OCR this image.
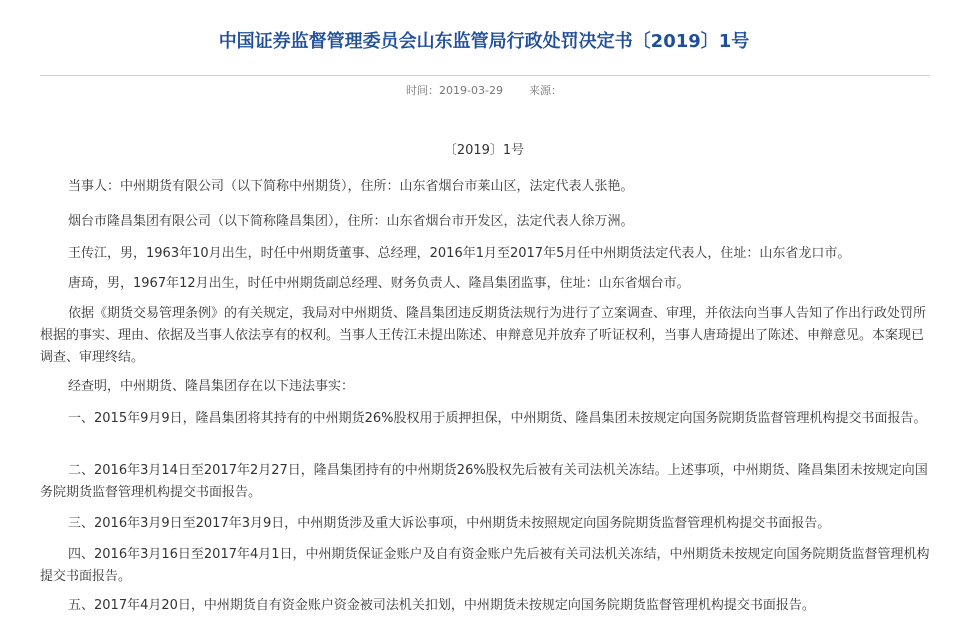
中国证券监督管理委员会山东监管局行政处罚决定书〔2019〕1号
时间：2019-03-29 来源：
〔2019〕1号

当事人：中州期货有限公司（以下简称中州期货），住所：山东省烟台市莱山区，法定代表人张艳。

烟台市隆昌集团有限公司（以下简称隆昌集团），住所：山东省烟台市开发区，法定代表人徐万洲。

王传江，男，1963年10月出生，时任中州期货董事、总经理，2016年1月至2017年5月任中州期货法定代表人，住址：山东省龙口市。

唐琦，男，1967年12月出生，时任中州期货副总经理、财务负责人、隆昌集团监事，住址：山东省烟台市。

依据《期货交易管理条例》的有关规定，我局对中州期货、隆昌集团违反期货法规行为进行了立案调查、审理，并依法向当事人告知了作出行政处罚所根据的事实、理由、依据及当事人依法享有的权利。当事人王传江未提出陈述、申辩意见并放弃了听证权利，当事人唐琦提出了陈述、申辩意见。本案现已调查、审理终结。

经查明，中州期货、隆昌集团存在以下违法事实：

一、2015年9月9日，隆昌集团将其持有的中州期货26%股权用于质押担保，中州期货、隆昌集团未按规定向国务院期货监督管理机构提交书面报告。

二、2016年3月14日至2017年2月27日，隆昌集团持有的中州期货26%股权先后被有关司法机关冻结。上述事项，中州期货、隆昌集团未按规定向国务院期货监督管理机构提交书面报告。

三、2016年3月9日至2017年3月9日，中州期货涉及重大诉讼事项，中州期货未按照规定向国务院期货监督管理机构提交书面报告。

四、2016年3月16日至2017年4月1日，中州期货保证金账户及自有资金账户先后被有关司法机关冻结，中州期货未按规定向国务院期货监督管理机构提交书面报告。

五、2017年4月20日，中州期货自有资金账户资金被司法机关扣划，中州期货未按规定向国务院期货监督管理机构提交书面报告。
